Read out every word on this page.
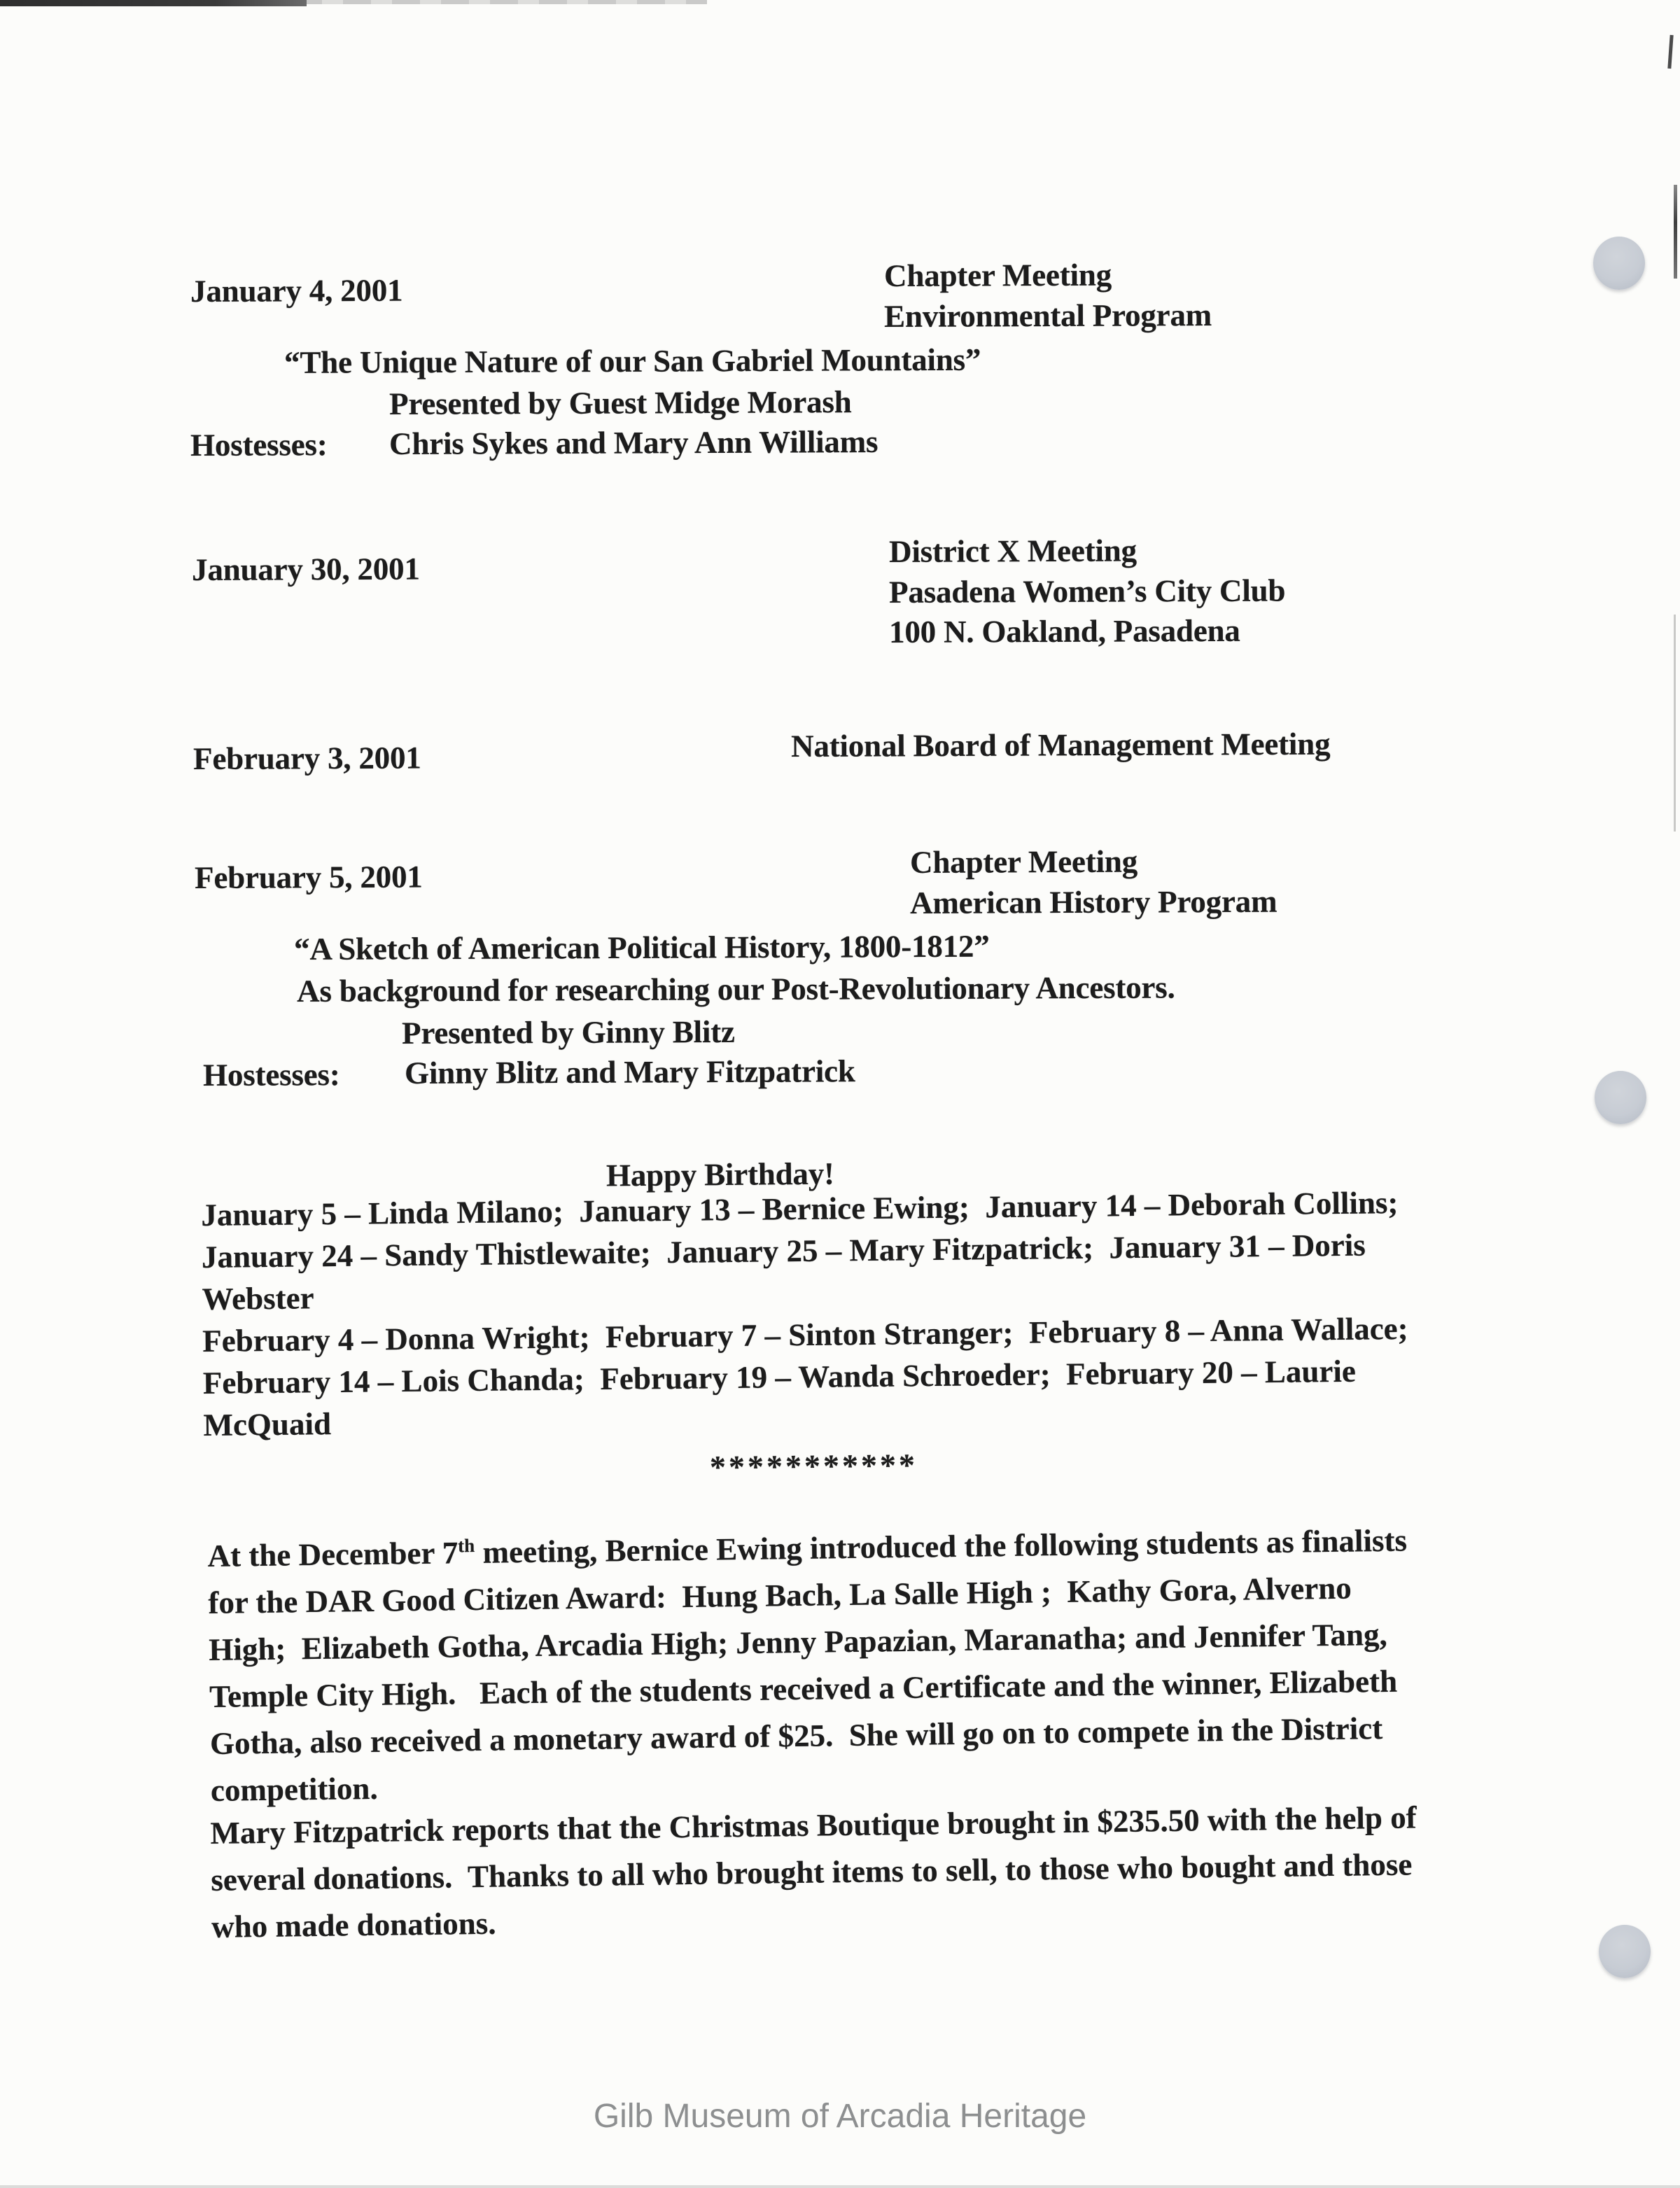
January 4, 2001	Chapter Meeting
Environmental Program
“The Unique Nature of our San Gabriel Mountains”
Presented by Guest Midge Morash
Hostesses: Chris Sykes and Mary Ann Williams
January 30, 2001
District X Meeting
Pasadena Women’s City Club
100 N. Oakland, Pasadena
February 3, 2001	National Board of Management Meeting
February 5, 2001	Chapter Meeting
American History Program
“A Sketch of American Political History, 1800-1812”
As background for researching our Post-Revolutionary Ancestors.
Presented by Ginny Blitz
Hostesses: Ginny Blitz and Mary Fitzpatrick
Happy Birthday!
January 5 – Linda Milano;  January 13 – Bernice Ewing;  January 14 – Deborah Collins;
January 24 – Sandy Thistlewaite;  January 25 – Mary Fitzpatrick;  January 31 – Doris
Webster
February 4 – Donna Wright;  February 7 – Sinton Stranger;  February 8 – Anna Wallace;
February 14 – Lois Chanda;  February 19 – Wanda Schroeder;  February 20 – Laurie
McQuaid
***********
At the December 7th meeting, Bernice Ewing introduced the following students as finalists
for the DAR Good Citizen Award:  Hung Bach, La Salle High ;  Kathy Gora, Alverno
High;  Elizabeth Gotha, Arcadia High; Jenny Papazian, Maranatha; and Jennifer Tang,
Temple City High.   Each of the students received a Certificate and the winner, Elizabeth
Gotha, also received a monetary award of $25.  She will go on to compete in the District
competition.
Mary Fitzpatrick reports that the Christmas Boutique brought in $235.50 with the help of
several donations.  Thanks to all who brought items to sell, to those who bought and those
who made donations.
Gilb Museum of Arcadia Heritage
